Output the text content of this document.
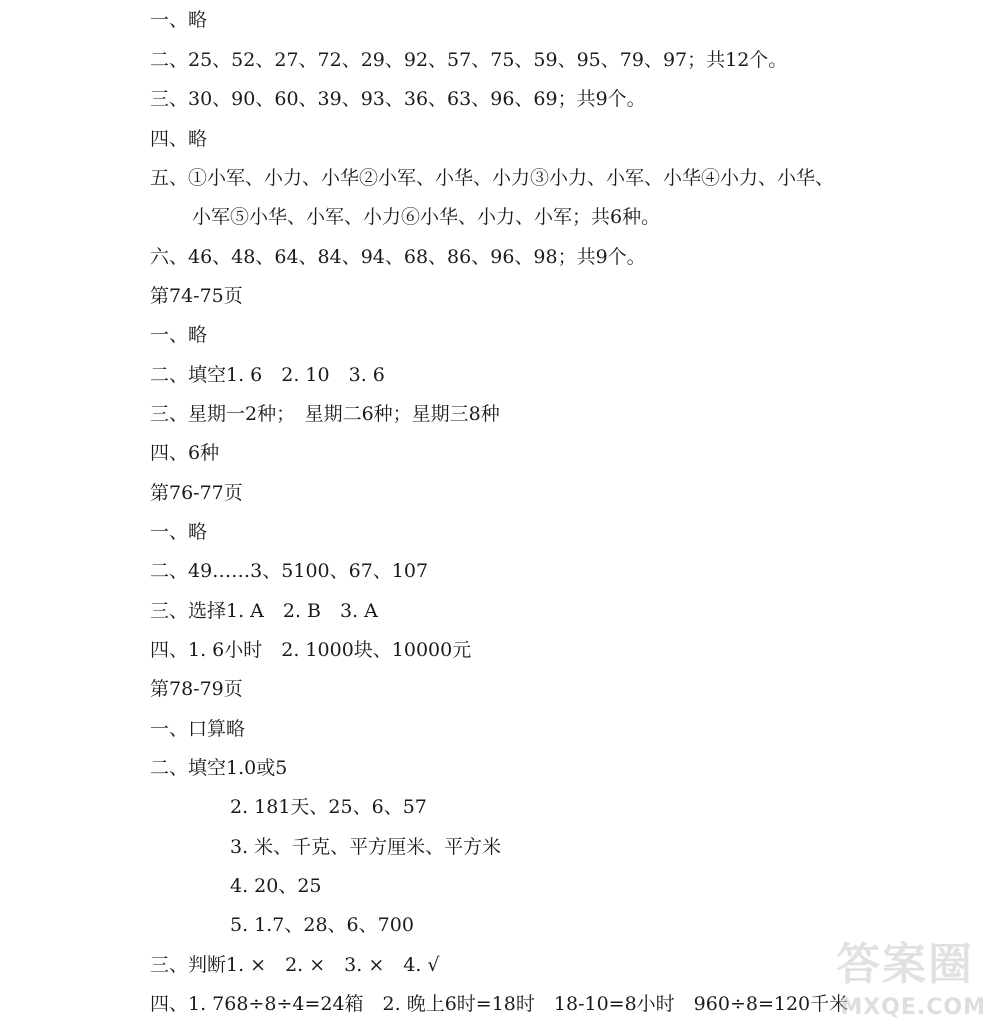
一、略
二、25、52、27、72、29、92、57、75、59、95、79、97；共12个。
三、30、90、60、39、93、36、63、96、69；共9个。
四、略
五、①小军、小力、小华②小军、小华、小力③小力、小军、小华④小力、小华、
小军⑤小华、小军、小力⑥小华、小力、小军；共6种。
六、46、48、64、84、94、68、86、96、98；共9个。
第74-75页
一、略
二、填空1. 6　2. 10　3. 6
三、星期一2种；　星期二6种；星期三8种
四、6种
第76-77页
一、略
二、49……3、5100、67、107
三、选择1. A　2. B　3. A
四、1. 6小时　2. 1000块、10000元
第78-79页
一、口算略
二、填空1.0或5
2. 181天、25、6、57
3. 米、千克、平方厘米、平方米
4. 20、25
5. 1.7、28、6、700
三、判断1. ×　2. ×　3. ×　4. √
四、1. 768÷8÷4=24箱　2. 晚上6时=18时　18-10=8小时　960÷8=120千米
答案圈
MXQE.COM
